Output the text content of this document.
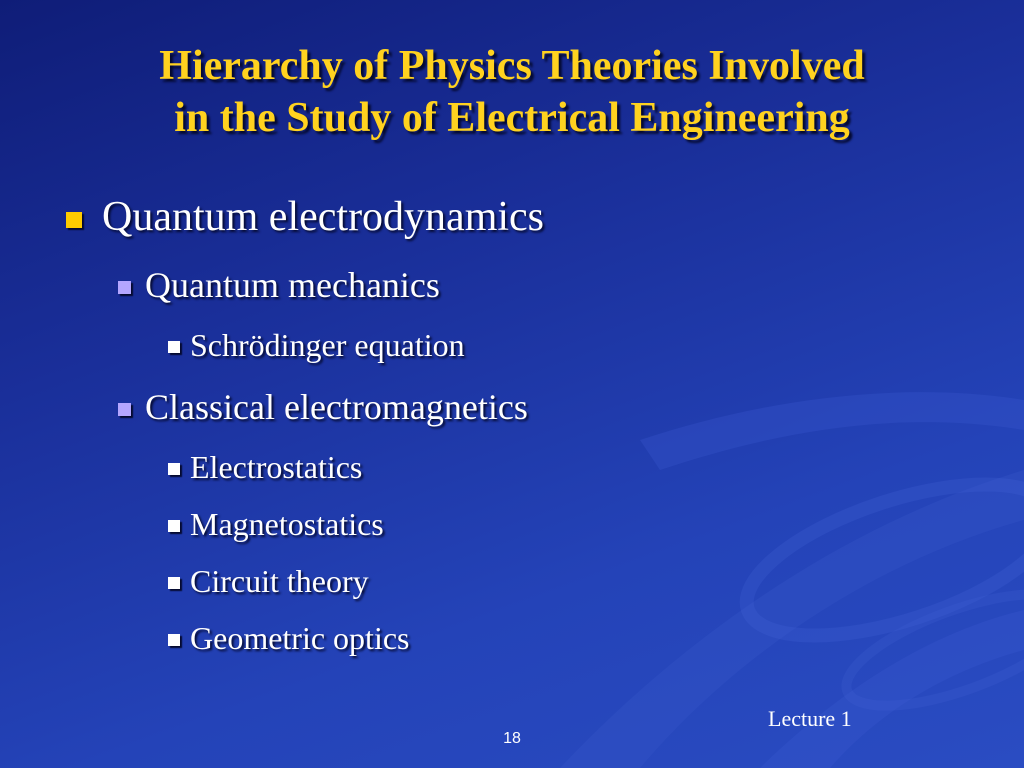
Hierarchy of Physics Theories Involved
in the Study of Electrical Engineering
Quantum electrodynamics
Quantum mechanics
Schrödinger equation
Classical electromagnetics
Electrostatics
Magnetostatics
Circuit theory
Geometric optics
Lecture 1
18
